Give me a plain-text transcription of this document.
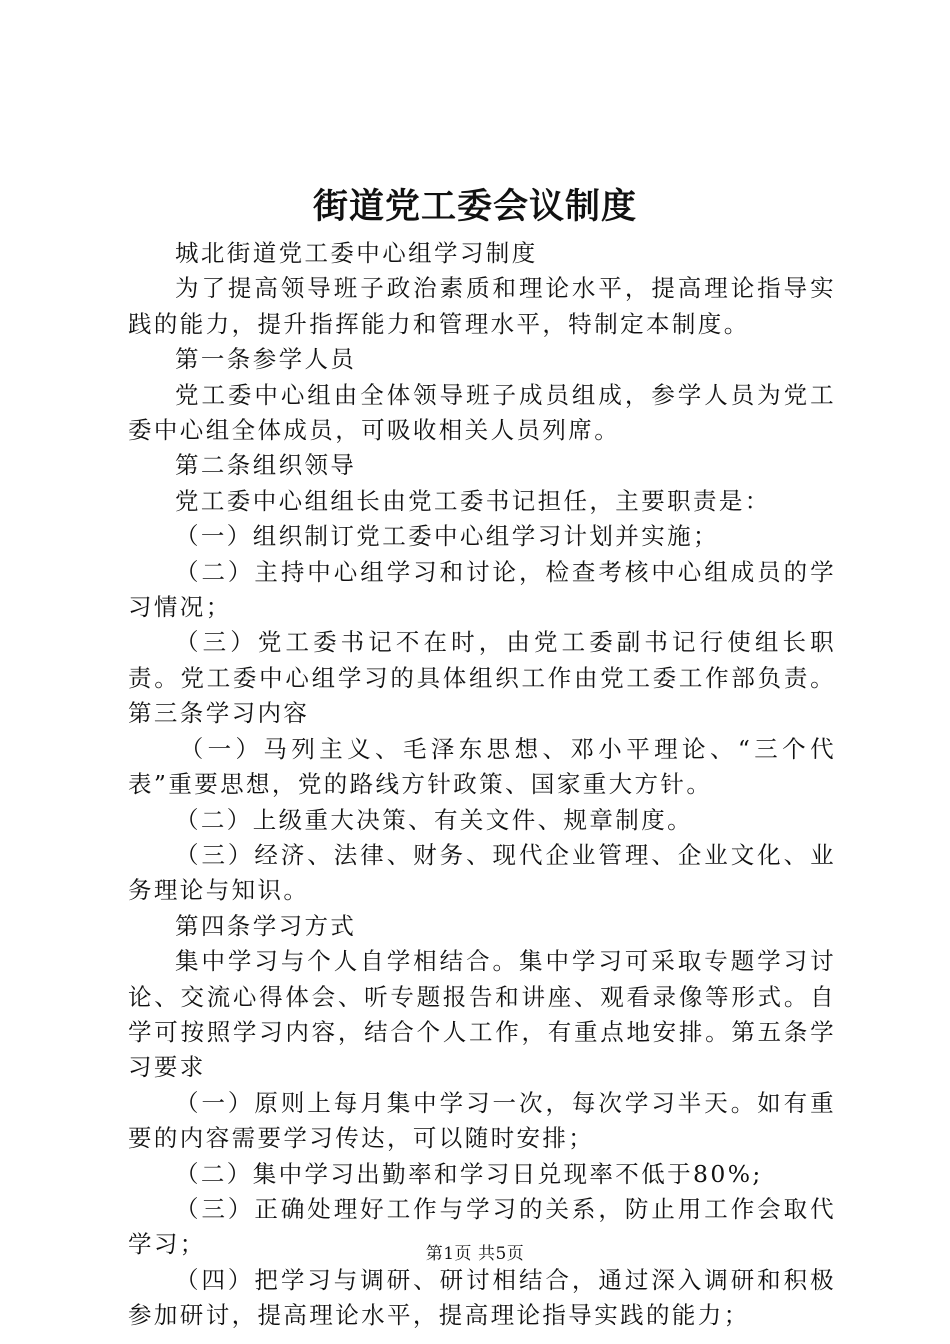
街道党工委会议制度

城北街道党工委中心组学习制度

为了提高领导班子政治素质和理论水平，提高理论指导实践的能力，提升指挥能力和管理水平，特制定本制度。

第一条参学人员

党工委中心组由全体领导班子成员组成，参学人员为党工委中心组全体成员，可吸收相关人员列席。

第二条组织领导

党工委中心组组长由党工委书记担任，主要职责是：

（一）组织制订党工委中心组学习计划并实施；

（二）主持中心组学习和讨论，检查考核中心组成员的学习情况；

（三）党工委书记不在时，由党工委副书记行使组长职责。党工委中心组学习的具体组织工作由党工委工作部负责。第三条学习内容

（一）马列主义、毛泽东思想、邓小平理论、“三个代表”重要思想，党的路线方针政策、国家重大方针。

（二）上级重大决策、有关文件、规章制度。

（三）经济、法律、财务、现代企业管理、企业文化、业务理论与知识。

第四条学习方式

集中学习与个人自学相结合。集中学习可采取专题学习讨论、交流心得体会、听专题报告和讲座、观看录像等形式。自学可按照学习内容，结合个人工作，有重点地安排。第五条学习要求

（一）原则上每月集中学习一次，每次学习半天。如有重要的内容需要学习传达，可以随时安排；

（二）集中学习出勤率和学习日兑现率不低于80%;

（三）正确处理好工作与学习的关系，防止用工作会取代学习；

（四）把学习与调研、研讨相结合，通过深入调研和积极参加研讨，提高理论水平，提高理论指导实践的能力；

第1页 共5页
